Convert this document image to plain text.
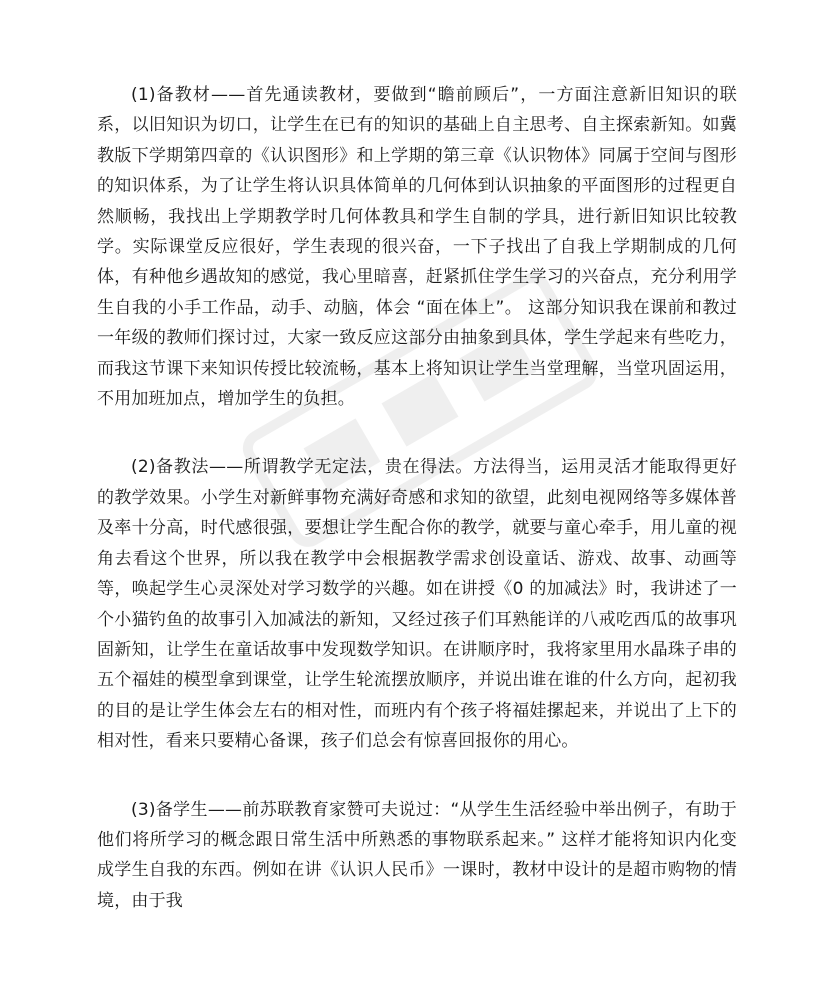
(1)备教材——首先通读教材，要做到“瞻前顾后”，一方面注意新旧知识的联系，以旧知识为切口，让学生在已有的知识的基础上自主思考、自主探索新知。如冀教版下学期第四章的《认识图形》和上学期的第三章《认识物体》同属于空间与图形的知识体系，为了让学生将认识具体简单的几何体到认识抽象的平面图形的过程更自然顺畅，我找出上学期教学时几何体教具和学生自制的学具，进行新旧知识比较教学。实际课堂反应很好，学生表现的很兴奋，一下子找出了自我上学期制成的几何体，有种他乡遇故知的感觉，我心里暗喜，赶紧抓住学生学习的兴奋点，充分利用学生自我的小手工作品，动手、动脑，体会 “面在体上”。 这部分知识我在课前和教过一年级的教师们探讨过，大家一致反应这部分由抽象到具体，学生学起来有些吃力，而我这节课下来知识传授比较流畅，基本上将知识让学生当堂理解，当堂巩固运用，不用加班加点，增加学生的负担。

(2)备教法——所谓教学无定法，贵在得法。方法得当，运用灵活才能取得更好的教学效果。小学生对新鲜事物充满好奇感和求知的欲望，此刻电视网络等多媒体普及率十分高，时代感很强，要想让学生配合你的教学，就要与童心牵手，用儿童的视角去看这个世界，所以我在教学中会根据教学需求创设童话、游戏、故事、动画等等，唤起学生心灵深处对学习数学的兴趣。如在讲授《0 的加减法》时，我讲述了一个小猫钓鱼的故事引入加减法的新知，又经过孩子们耳熟能详的八戒吃西瓜的故事巩固新知，让学生在童话故事中发现数学知识。在讲顺序时，我将家里用水晶珠子串的五个福娃的模型拿到课堂，让学生轮流摆放顺序，并说出谁在谁的什么方向，起初我的目的是让学生体会左右的相对性，而班内有个孩子将福娃摞起来，并说出了上下的相对性，看来只要精心备课，孩子们总会有惊喜回报你的用心。

(3)备学生——前苏联教育家赞可夫说过：“从学生生活经验中举出例子，有助于他们将所学习的概念跟日常生活中所熟悉的事物联系起来。” 这样才能将知识内化变成学生自我的东西。例如在讲《认识人民币》一课时，教材中设计的是超市购物的情境，由于我
